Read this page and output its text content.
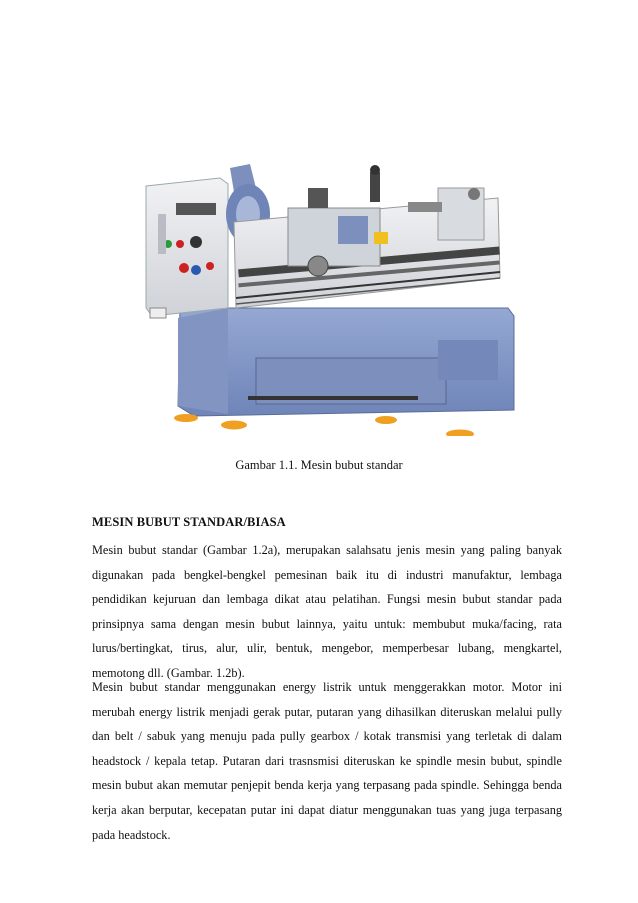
Gambar 1.1. Mesin bubut standar
MESIN BUBUT STANDAR/BIASA

Mesin bubut standar (Gambar 1.2a), merupakan salahsatu jenis mesin yang paling banyak digunakan pada bengkel-bengkel pemesinan baik itu di industri manufaktur, lembaga pendidikan kejuruan dan lembaga dikat atau pelatihan. Fungsi mesin bubut standar pada prinsipnya sama dengan mesin bubut lainnya, yaitu untuk: membubut muka/facing, rata lurus/bertingkat, tirus, alur, ulir, bentuk, mengebor, memperbesar lubang, mengkartel, memotong dll. (Gambar. 1.2b).

Mesin bubut standar menggunakan energy listrik untuk menggerakkan motor. Motor ini merubah energy listrik menjadi gerak putar, putaran yang dihasilkan diteruskan melalui pully dan belt / sabuk yang menuju pada pully gearbox / kotak transmisi yang terletak di dalam headstock / kepala tetap. Putaran dari trasnsmisi diteruskan ke spindle mesin bubut, spindle mesin bubut akan memutar penjepit benda kerja yang terpasang pada spindle. Sehingga benda kerja akan berputar, kecepatan putar ini dapat diatur menggunakan tuas yang juga terpasang pada headstock.
